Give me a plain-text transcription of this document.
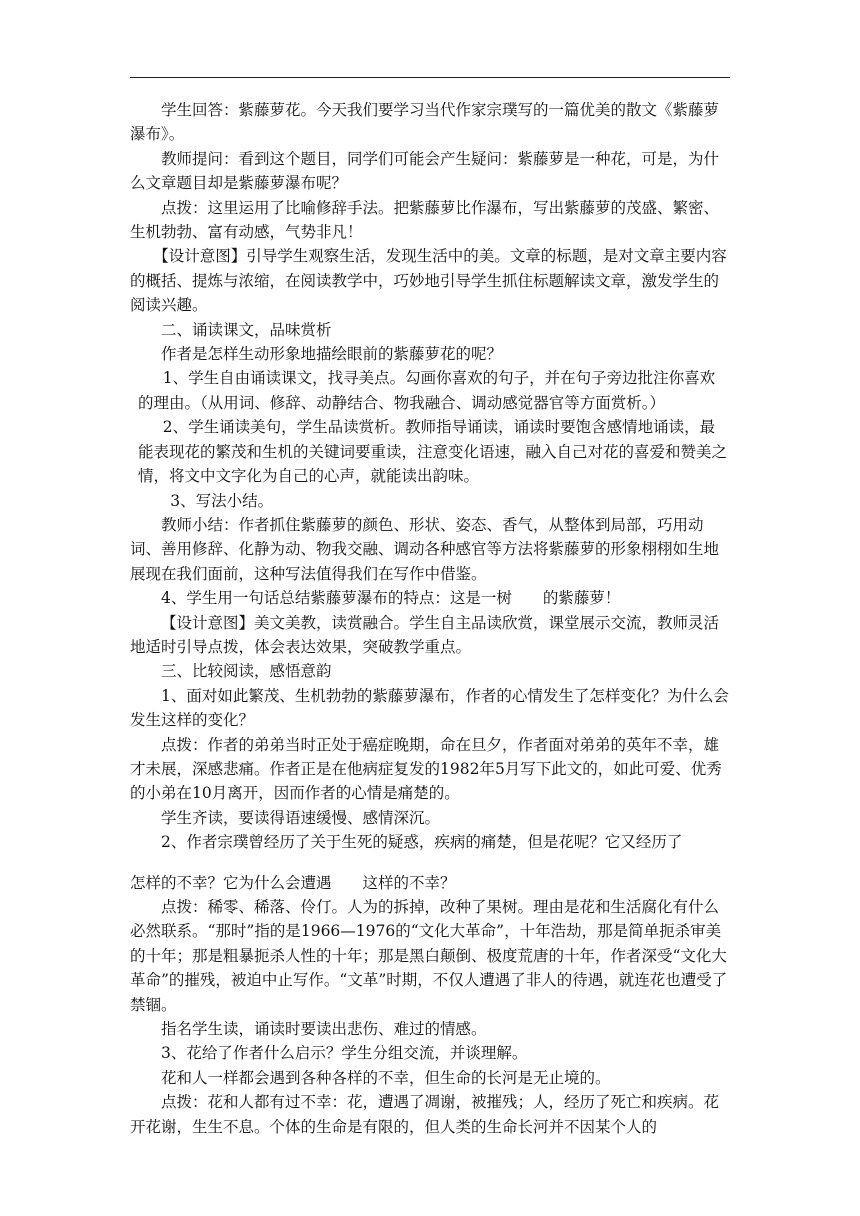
学生回答：紫藤萝花。今天我们要学习当代作家宗璞写的一篇优美的散文《紫藤萝瀑布》。

教师提问：看到这个题目，同学们可能会产生疑问：紫藤萝是一种花，可是，为什么文章题目却是紫藤萝瀑布呢？

点拨：这里运用了比喻修辞手法。把紫藤萝比作瀑布，写出紫藤萝的茂盛、繁密、生机勃勃、富有动感，气势非凡！

【设计意图】引导学生观察生活，发现生活中的美。文章的标题，是对文章主要内容的概括、提炼与浓缩，在阅读教学中，巧妙地引导学生抓住标题解读文章，激发学生的阅读兴趣。

二、诵读课文，品味赏析

作者是怎样生动形象地描绘眼前的紫藤萝花的呢？

1、学生自由诵读课文，找寻美点。勾画你喜欢的句子，并在句子旁边批注你喜欢的理由。（从用词、修辞、动静结合、物我融合、调动感觉器官等方面赏析。）

2、学生诵读美句，学生品读赏析。教师指导诵读，诵读时要饱含感情地诵读，最能表现花的繁茂和生机的关键词要重读，注意变化语速，融入自己对花的喜爱和赞美之情，将文中文字化为自己的心声，就能读出韵味。

3、写法小结。

教师小结：作者抓住紫藤萝的颜色、形状、姿态、香气，从整体到局部，巧用动词、善用修辞、化静为动、物我交融、调动各种感官等方法将紫藤萝的形象栩栩如生地展现在我们面前，这种写法值得我们在写作中借鉴。

4、学生用一句话总结紫藤萝瀑布的特点：这是一树　　的紫藤萝！

【设计意图】美文美教，读赏融合。学生自主品读欣赏，课堂展示交流，教师灵活地适时引导点拨，体会表达效果，突破教学重点。

三、比较阅读，感悟意韵

1、面对如此繁茂、生机勃勃的紫藤萝瀑布，作者的心情发生了怎样变化？为什么会发生这样的变化？

点拨：作者的弟弟当时正处于癌症晚期，命在旦夕，作者面对弟弟的英年不幸，雄才未展，深感悲痛。作者正是在他病症复发的1982年5月写下此文的，如此可爱、优秀的小弟在10月离开，因而作者的心情是痛楚的。

学生齐读，要读得语速缓慢、感情深沉。

2、作者宗璞曾经历了关于生死的疑惑，疾病的痛楚，但是花呢？它又经历了

怎样的不幸？它为什么会遭遇　　这样的不幸？

点拨：稀零、稀落、伶仃。人为的拆掉，改种了果树。理由是花和生活腐化有什么必然联系。“那时”指的是1966—1976的“文化大革命”，十年浩劫，那是简单扼杀审美的十年；那是粗暴扼杀人性的十年；那是黑白颠倒、极度荒唐的十年，作者深受“文化大革命”的摧残，被迫中止写作。“文革”时期，不仅人遭遇了非人的待遇，就连花也遭受了禁锢。

指名学生读，诵读时要读出悲伤、难过的情感。

3、花给了作者什么启示？学生分组交流，并谈理解。

花和人一样都会遇到各种各样的不幸，但生命的长河是无止境的。

点拨：花和人都有过不幸：花，遭遇了凋谢，被摧残；人，经历了死亡和疾病。花开花谢，生生不息。个体的生命是有限的，但人类的生命长河并不因某个人的
